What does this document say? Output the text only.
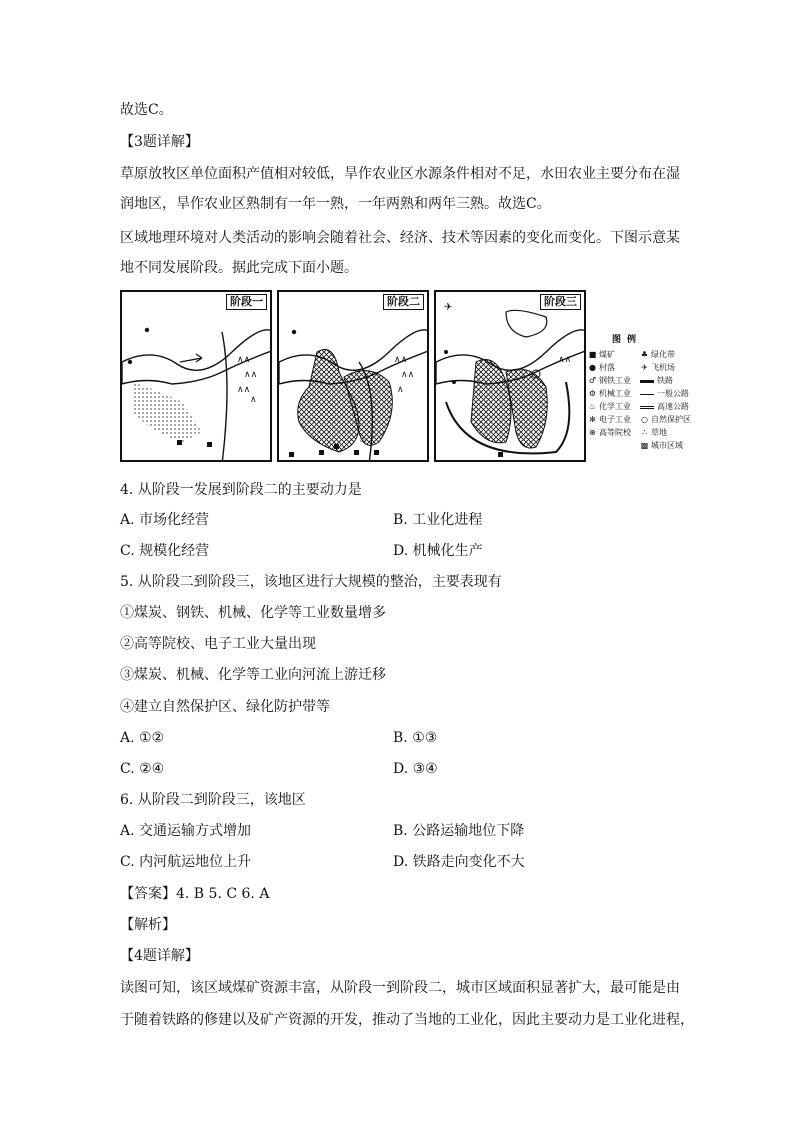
故选C。
【3题详解】
草原放牧区单位面积产值相对较低，旱作农业区水源条件相对不足，水田农业主要分布在湿
润地区，旱作农业区熟制有一年一熟，一年两熟和两年三熟。故选C。
区域地理环境对人类活动的影响会随着社会、经济、技术等因素的变化而变化。下图示意某
地不同发展阶段。据此完成下面小题。
∧∧
∧∧
∧∧
∧
阶段一
∧∧
∧∧
∧
♨
阶段二	✈
∧∧
阶段三
图例
■ 煤矿
● 村落
♂ 钢铁工业
⚙ 机械工业
♨ 化学工业
✻ 电子工业
⊛ 高等院校
♣ 绿化带
✈ 飞机场
铁路
一般公路
高速公路
○ 自然保护区
∴ 草地
▩ 城市区域
4. 从阶段一发展到阶段二的主要动力是
A. 市场化经营	B. 工业化进程
C. 规模化经营	D. 机械化生产
5. 从阶段二到阶段三，该地区进行大规模的整治，主要表现有
①煤炭、钢铁、机械、化学等工业数量增多
②高等院校、电子工业大量出现
③煤炭、机械、化学等工业向河流上游迁移
④建立自然保护区、绿化防护带等
A. ①②	B. ①③
C. ②④	D. ③④
6. 从阶段二到阶段三，该地区
A. 交通运输方式增加	B. 公路运输地位下降
C. 内河航运地位上升	D. 铁路走向变化不大
【答案】4. B 5. C 6. A
【解析】
【4题详解】
读图可知，该区域煤矿资源丰富，从阶段一到阶段二，城市区域面积显著扩大，最可能是由
于随着铁路的修建以及矿产资源的开发，推动了当地的工业化，因此主要动力是工业化进程，
